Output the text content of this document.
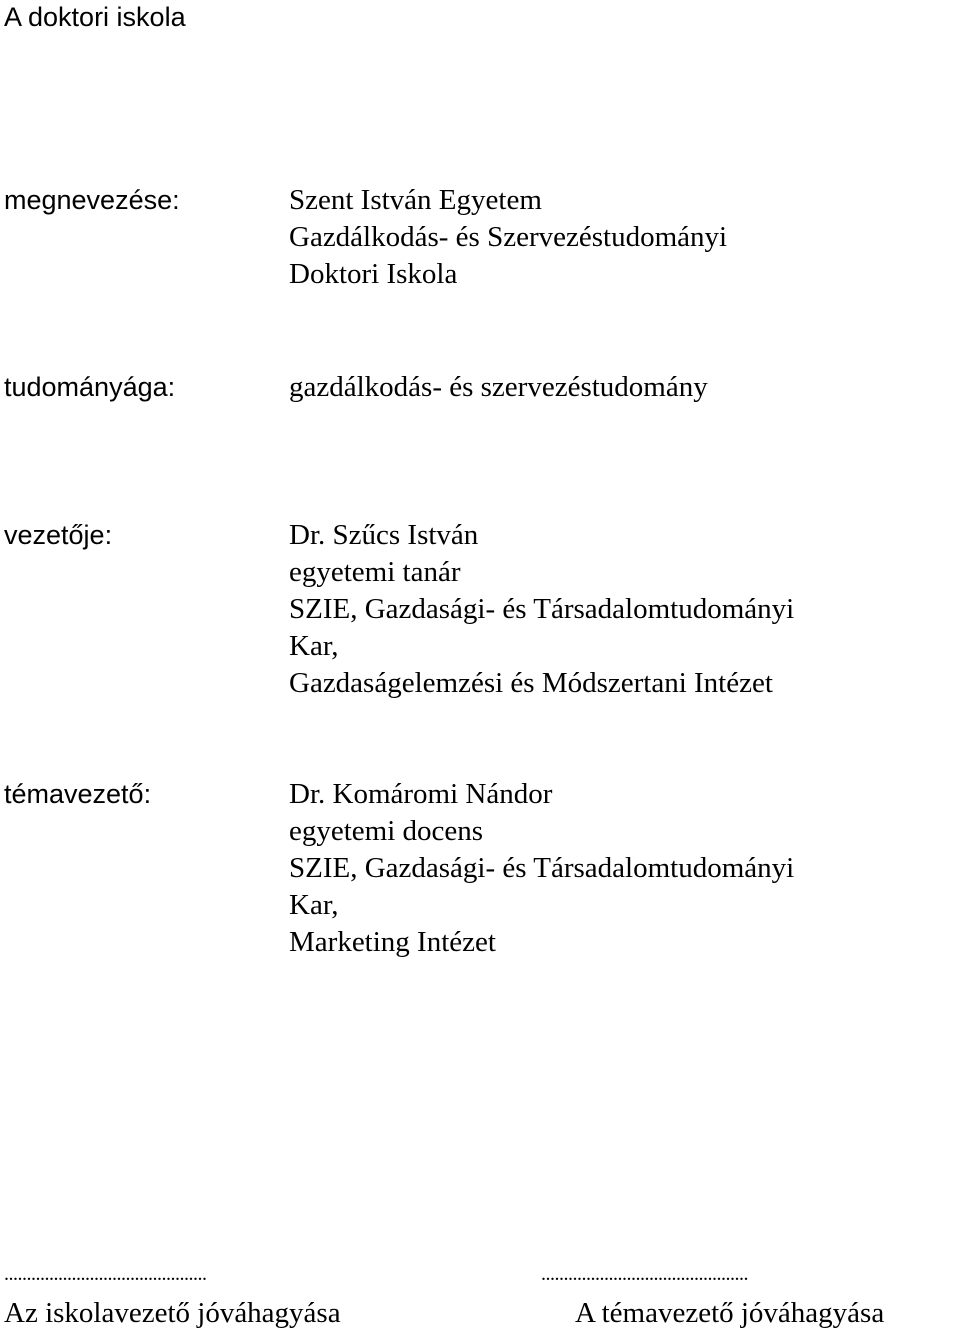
A doktori iskola
megnevezése:	Szent István Egyetem
Gazdálkodás- és Szervezéstudományi
Doktori Iskola
tudományága:	gazdálkodás- és szervezéstudomány
vezetője:	Dr. Szűcs István
egyetemi tanár
SZIE, Gazdasági- és Társadalomtudományi
Kar,
Gazdaságelemzési és Módszertani Intézet
témavezető:	Dr. Komáromi Nándor
egyetemi docens
SZIE, Gazdasági- és Társadalomtudományi
Kar,
Marketing Intézet
.............................................	..............................................
Az iskolavezető jóváhagyása	A témavezető jóváhagyása
